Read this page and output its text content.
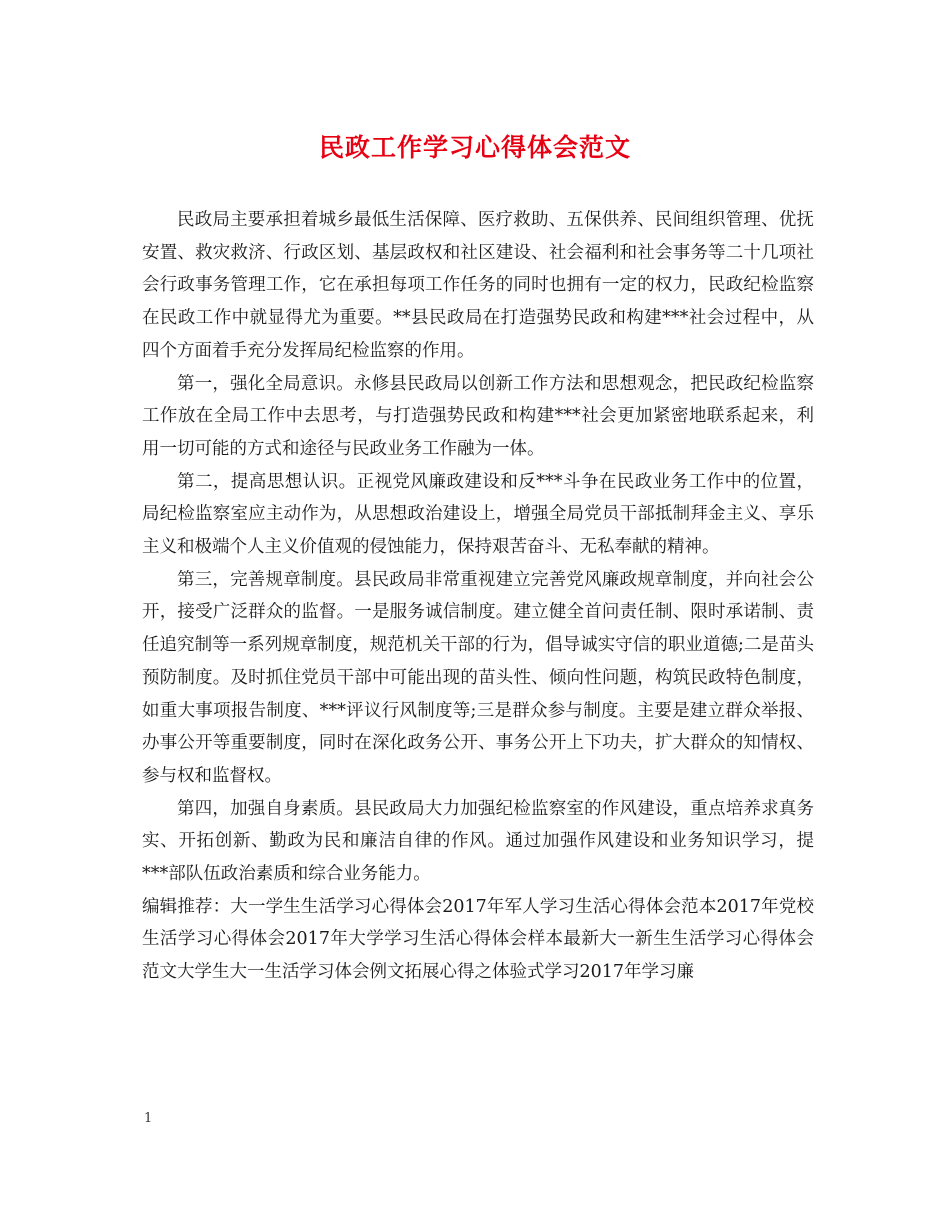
民政工作学习心得体会范文

民政局主要承担着城乡最低生活保障、医疗救助、五保供养、民间组织管理、优抚安置、救灾救济、行政区划、基层政权和社区建设、社会福利和社会事务等二十几项社会行政事务管理工作，它在承担每项工作任务的同时也拥有一定的权力，民政纪检监察在民政工作中就显得尤为重要。**县民政局在打造强势民政和构建***社会过程中，从四个方面着手充分发挥局纪检监察的作用。

第一，强化全局意识。永修县民政局以创新工作方法和思想观念，把民政纪检监察工作放在全局工作中去思考，与打造强势民政和构建***社会更加紧密地联系起来，利用一切可能的方式和途径与民政业务工作融为一体。

第二，提高思想认识。正视党风廉政建设和反***斗争在民政业务工作中的位置，局纪检监察室应主动作为，从思想政治建设上，增强全局党员干部抵制拜金主义、享乐主义和极端个人主义价值观的侵蚀能力，保持艰苦奋斗、无私奉献的精神。

第三，完善规章制度。县民政局非常重视建立完善党风廉政规章制度，并向社会公开，接受广泛群众的监督。一是服务诚信制度。建立健全首问责任制、限时承诺制、责任追究制等一系列规章制度，规范机关干部的行为，倡导诚实守信的职业道德;二是苗头预防制度。及时抓住党员干部中可能出现的苗头性、倾向性问题，构筑民政特色制度，如重大事项报告制度、***评议行风制度等;三是群众参与制度。主要是建立群众举报、办事公开等重要制度，同时在深化政务公开、事务公开上下功夫，扩大群众的知情权、参与权和监督权。

第四，加强自身素质。县民政局大力加强纪检监察室的作风建设，重点培养求真务实、开拓创新、勤政为民和廉洁自律的作风。通过加强作风建设和业务知识学习，提***部队伍政治素质和综合业务能力。

编辑推荐：大一学生生活学习心得体会2017年军人学习生活心得体会范本2017年党校生活学习心得体会2017年大学学习生活心得体会样本最新大一新生生活学习心得体会范文大学生大一生活学习体会例文拓展心得之体验式学习2017年学习廉

1
